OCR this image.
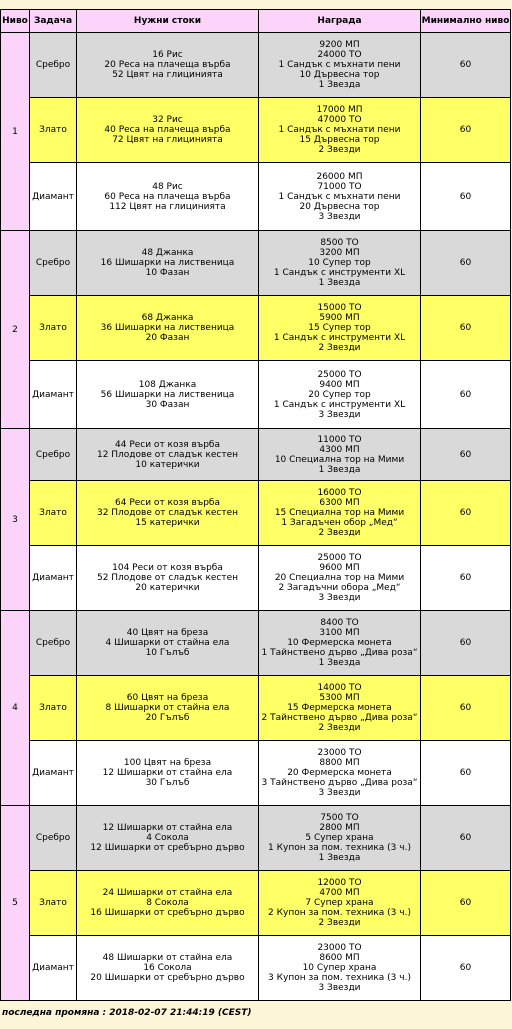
Ниво	Задача	Нужни стоки	Награда	Минимално ниво
1	Сребро	16 Рис
20 Реса на плачеща върба
52 Цвят на глицинията	9200 МП
24000 ТО
1 Сандък с мъхнати пени
10 Дървесна тор
1 Звезда	60
	Злато	32 Рис
40 Реса на плачеща върба
72 Цвят на глицинията	17000 МП
47000 ТО
1 Сандък с мъхнати пени
15 Дървесна тор
2 Звезди	60
	Диамант	48 Рис
60 Реса на плачеща върба
112 Цвят на глицинията	26000 МП
71000 ТО
1 Сандък с мъхнати пени
20 Дървесна тор
3 Звезди	60
2	Сребро	48 Джанка
16 Шишарки на лиственица
10 Фазан	8500 ТО
3200 МП
10 Супер тор
1 Сандък с инструменти XL
1 Звезда	60
	Злато	68 Джанка
36 Шишарки на лиственица
20 Фазан	15000 ТО
5900 МП
15 Супер тор
1 Сандък с инструменти XL
2 Звезди	60
	Диамант	108 Джанка
56 Шишарки на лиственица
30 Фазан	25000 ТО
9400 МП
20 Супер тор
1 Сандък с инструменти XL
3 Звезди	60
3	Сребро	44 Реси от козя върба
12 Плодове от сладък кестен
10 катерички	11000 ТО
4300 МП
10 Специална тор на Мими
1 Звезда	60
	Злато	64 Реси от козя върба
32 Плодове от сладък кестен
15 катерички	16000 ТО
6300 МП
15 Специална тор на Мими
1 Загадъчен обор „Мед“
2 Звезди	60
	Диамант	104 Реси от козя върба
52 Плодове от сладък кестен
20 катерички	25000 ТО
9600 МП
20 Специална тор на Мими
2 Загадъчни обора „Мед“
3 Звезди	60
4	Сребро	40 Цвят на бреза
4 Шишарки от стайна ела
10 Гълъб	8400 ТО
3100 МП
10 Фермерска монета
1 Тайнствено дърво „Дива роза“
1 Звезда	60
	Злато	60 Цвят на бреза
8 Шишарки от стайна ела
20 Гълъб	14000 ТО
5300 МП
15 Фермерска монета
2 Тайнствено дърво „Дива роза“
2 Звезди	60
	Диамант	100 Цвят на бреза
12 Шишарки от стайна ела
30 Гълъб	23000 ТО
8800 МП
20 Фермерска монета
3 Тайнствено дърво „Дива роза“
3 Звезди	60
5	Сребро	12 Шишарки от стайна ела
4 Сокола
12 Шишарки от сребърно дърво	7500 ТО
2800 МП
5 Супер храна
1 Купон за пом. техника (3 ч.)
1 Звезда	60
	Злато	24 Шишарки от стайна ела
8 Сокола
16 Шишарки от сребърно дърво	12000 ТО
4700 МП
7 Супер храна
2 Купон за пом. техника (3 ч.)
2 Звезди	60
	Диамант	48 Шишарки от стайна ела
16 Сокола
20 Шишарки от сребърно дърво	23000 ТО
8600 МП
10 Супер храна
3 Купон за пом. техника (3 ч.)
3 Звезди	60
последна промяна : 2018-02-07 21:44:19 (CEST)
